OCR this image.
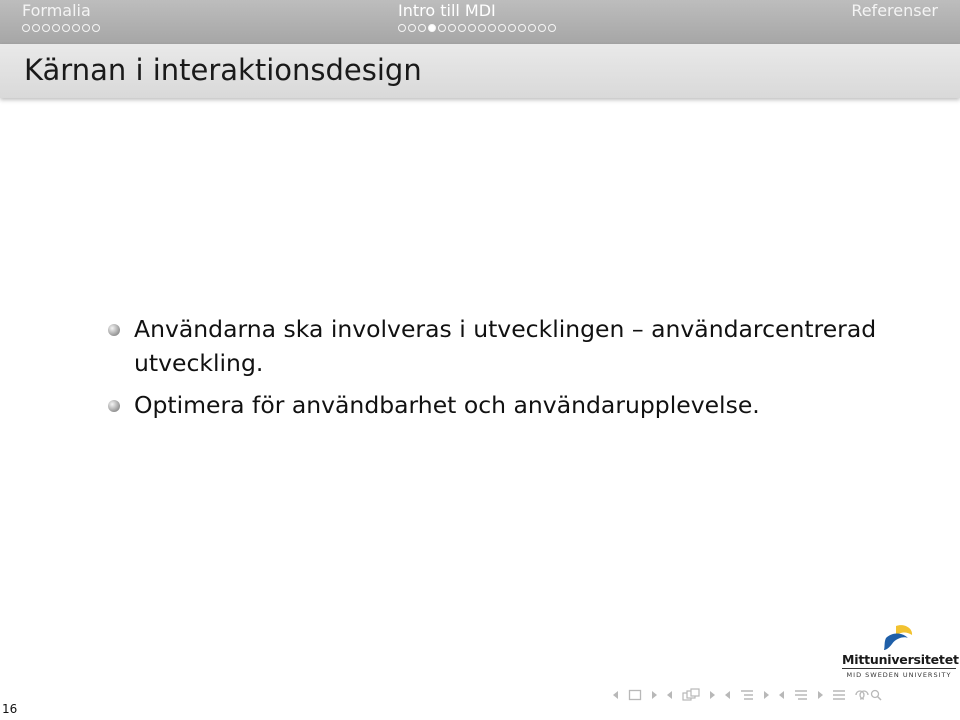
Formalia	Intro till MDI	Referenser
Kärnan i interaktionsdesign
Användarna ska involveras i utvecklingen – användarcentrerad utveckling.
Optimera för användbarhet och användarupplevelse.
Mittuniversitetet
MID SWEDEN UNIVERSITY
16
